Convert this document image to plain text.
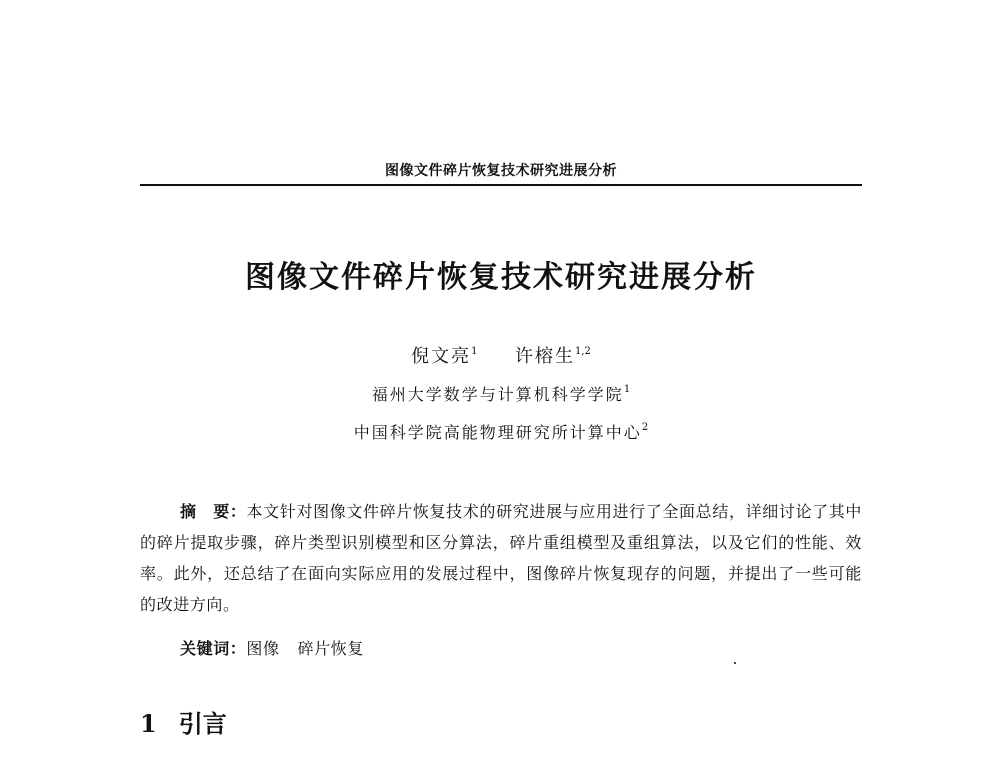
图像文件碎片恢复技术研究进展分析
图像文件碎片恢复技术研究进展分析
倪文亮$^1$ 许榕生$^{1,2}$
福州大学数学与计算机科学学院$^1$
中国科学院高能物理研究所计算中心$^2$
摘　要：本文针对图像文件碎片恢复技术的研究进展与应用进行了全面总结，详细讨论了其中的碎片提取步骤，碎片类型识别模型和区分算法，碎片重组模型及重组算法，以及它们的性能、效率。此外，还总结了在面向实际应用的发展过程中，图像碎片恢复现存的问题，并提出了一些可能的改进方向。
关键词：图像 碎片恢复
1 引言
